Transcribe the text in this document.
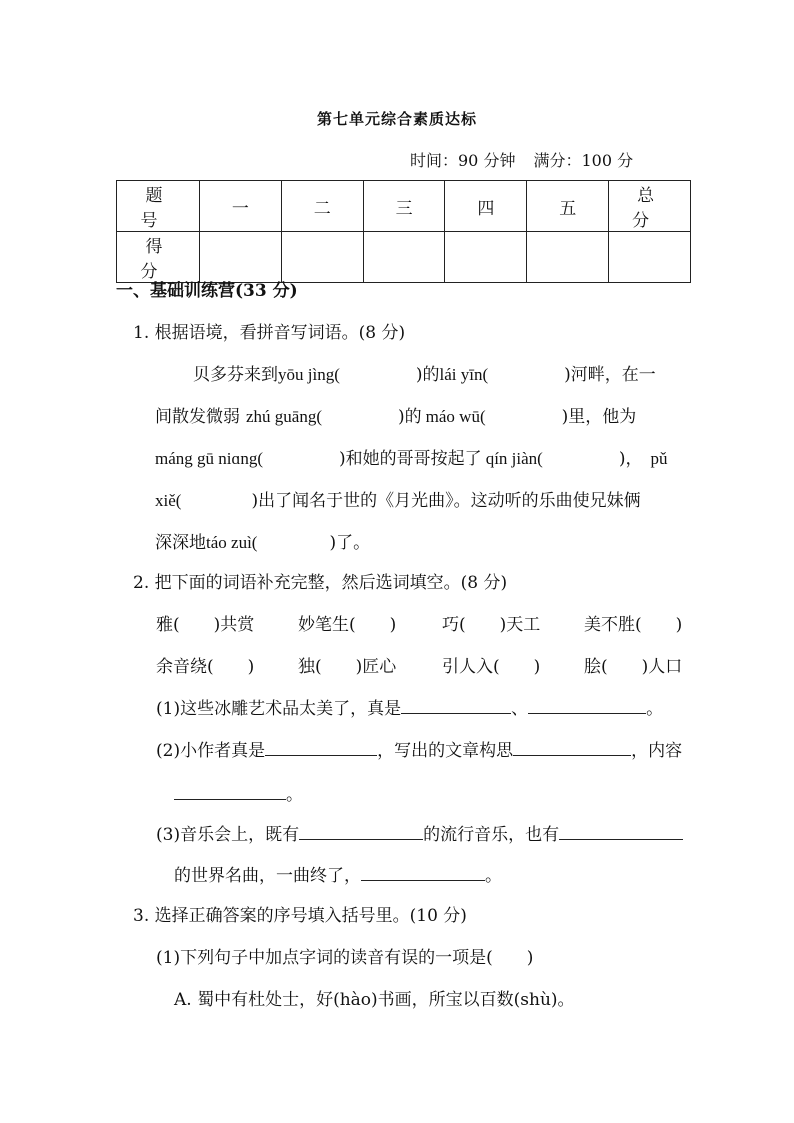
第七单元综合素质达标
时间：90 分钟 满分：100 分
题　号	一	二	三	四	五	总　分
得　分						
一、基础训练营(33 分)
1. 根据语境，看拼音写词语。(8 分)
贝多芬来到yōu jìng(	)的lái yīn(	)河畔，在一
间散发微弱 zhú guāng(	)的 máo wū(	)里，他为
máng gū niɑng(	)和她的哥哥按起了 qín jiàn(	)， pǔ
xiě(	)出了闻名于世的《月光曲》。这动听的乐曲使兄妹俩
深深地táo zuì(	)了。
2. 把下面的词语补充完整，然后选词填空。(8 分)
雅(　　)共赏	妙笔生(　　)	巧(　　)天工	美不胜(　　)
余音绕(　　)	独(　　)匠心	引人入(　　)	脍(　　)人口
(1)这些冰雕艺术品太美了，真是	、	。
(2)小作者真是	，写出的文章构思	，内容
。
(3)音乐会上，既有	的流行音乐，也有
的世界名曲，一曲终了，	。
3. 选择正确答案的序号填入括号里。(10 分)
(1)下列句子中加点字词的读音有误的一项是(　　)
A. 蜀中有杜处士，好(hào)书画，所宝以百数(shù)。
